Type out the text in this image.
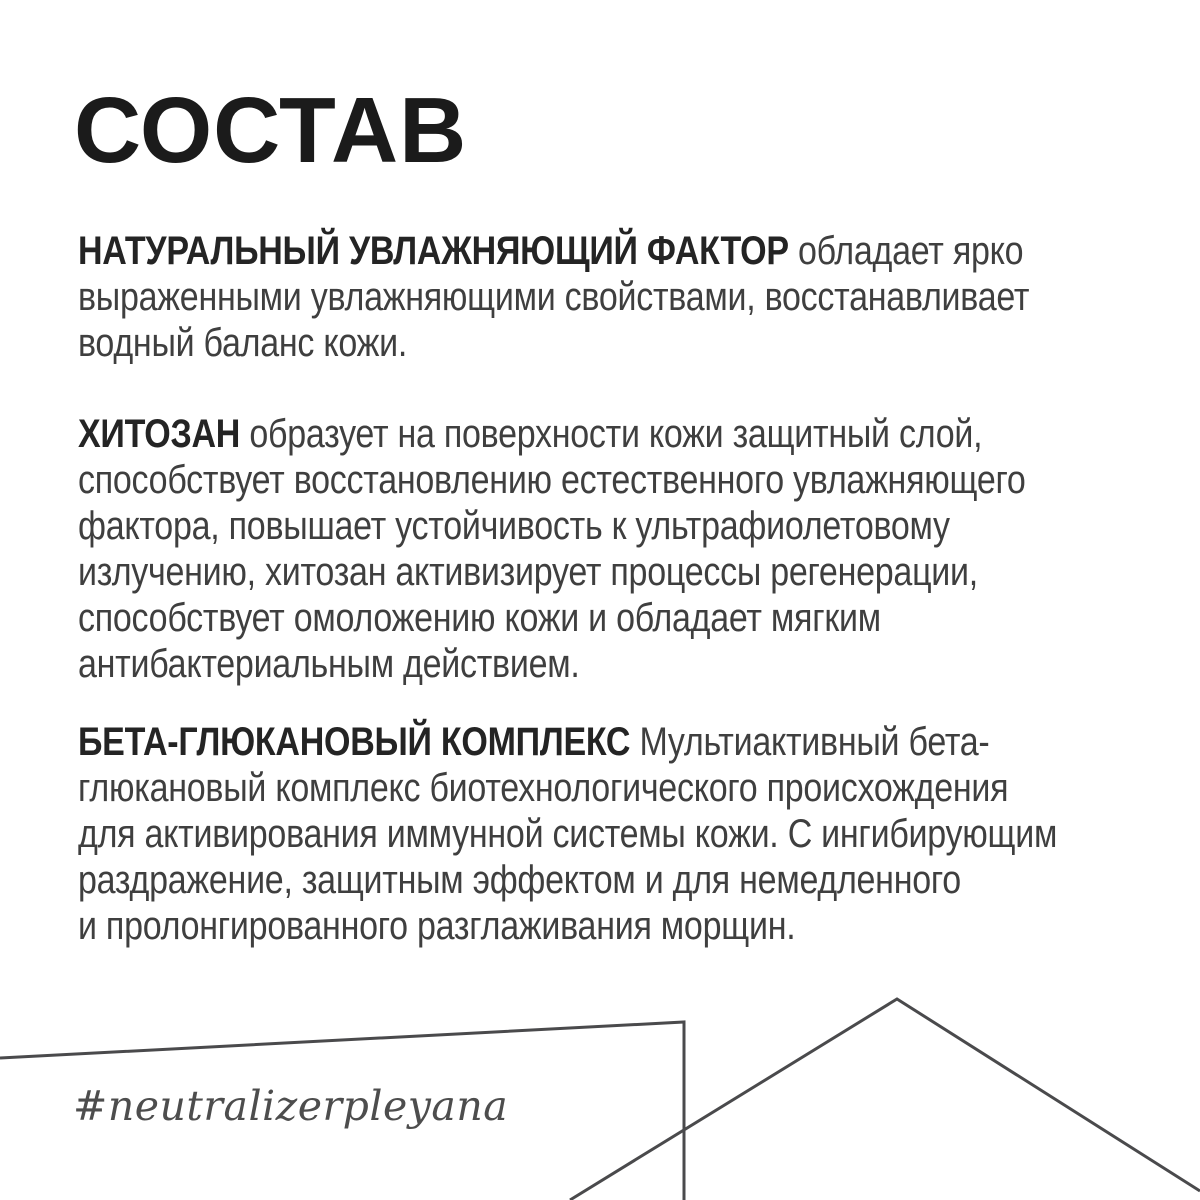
СОСТАВ
НАТУРАЛЬНЫЙ УВЛАЖНЯЮЩИЙ ФАКТОР обладает ярко
выраженными увлажняющими свойствами, восстанавливает
водный баланс кожи.
ХИТОЗАН образует на поверхности кожи защитный слой,
способствует восстановлению естественного увлажняющего
фактора, повышает устойчивость к ультрафиолетовому
излучению, хитозан активизирует процессы регенерации,
способствует омоложению кожи и обладает мягким
антибактериальным действием.
БЕТА-ГЛЮКАНОВЫЙ КОМПЛЕКС Мультиактивный бета-
глюкановый комплекс биотехнологического происхождения
для активирования иммунной системы кожи. С ингибирующим
раздражение, защитным эффектом и для немедленного
и пролонгированного разглаживания морщин.
#neutralizerpleyana
